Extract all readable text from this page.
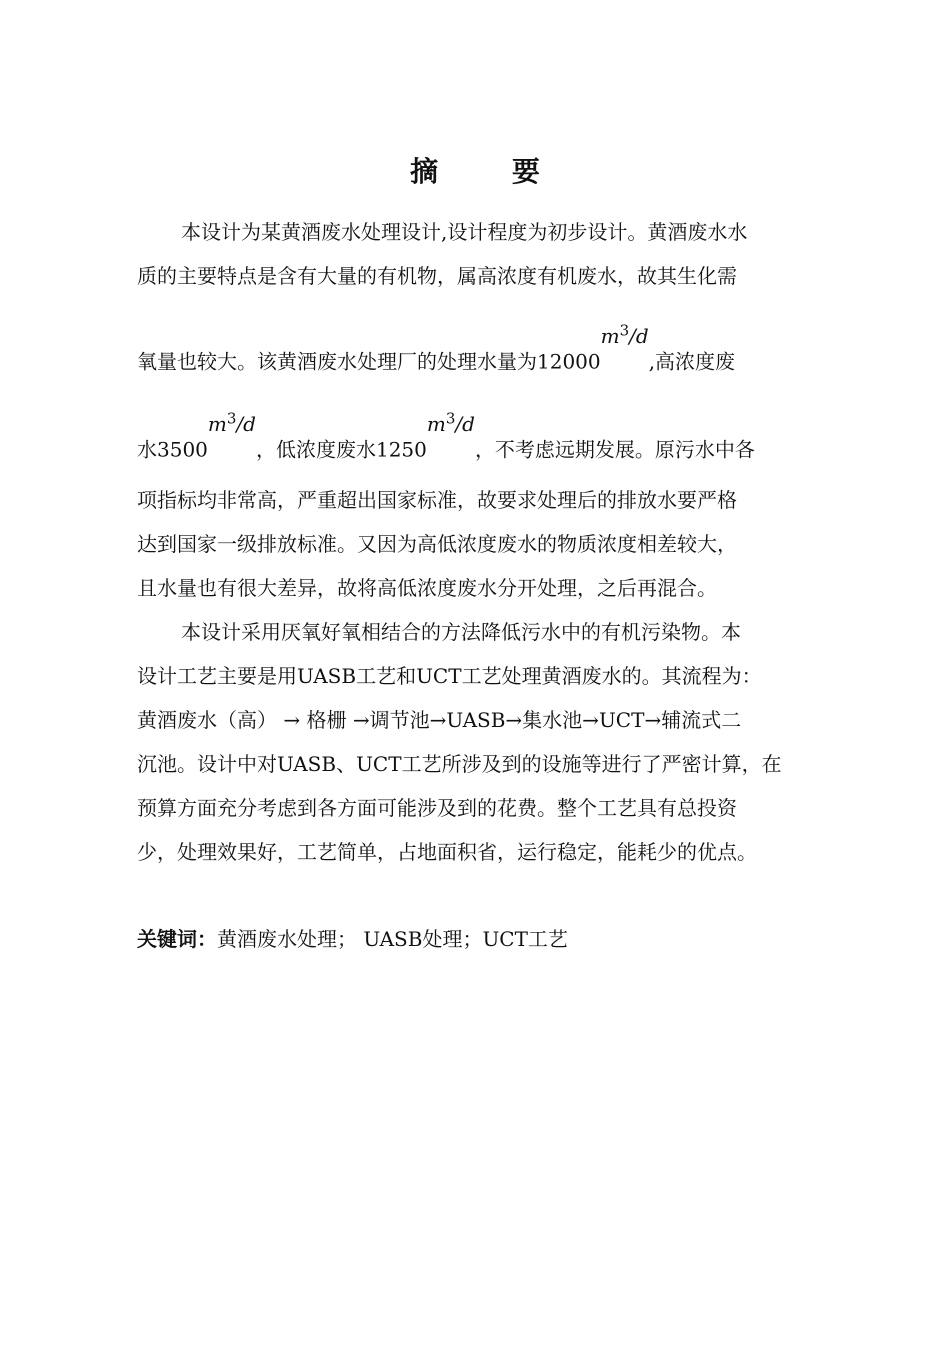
摘 要
本设计为某黄酒废水处理设计,设计程度为初步设计。黄酒废水水
质的主要特点是含有大量的有机物，属高浓度有机废水，故其生化需
氧量也较大。该黄酒废水处理厂的处理水量为$12000m^3/d$,高浓度废
水$3500m^3/d$，低浓度废水$1250m^3/d$，不考虑远期发展。原污水中各
项指标均非常高，严重超出国家标准，故要求处理后的排放水要严格
达到国家一级排放标准。又因为高低浓度废水的物质浓度相差较大，
且水量也有很大差异，故将高低浓度废水分开处理，之后再混合。
本设计采用厌氧好氧相结合的方法降低污水中的有机污染物。本
设计工艺主要是用UASB工艺和UCT工艺处理黄酒废水的。其流程为：
黄酒废水（高） → 格栅 →调节池→UASB→集水池→UCT→辅流式二
沉池。设计中对UASB、UCT工艺所涉及到的设施等进行了严密计算，在
预算方面充分考虑到各方面可能涉及到的花费。整个工艺具有总投资
少，处理效果好，工艺简单，占地面积省，运行稳定，能耗少的优点。
关键词：黄酒废水处理； UASB处理；UCT工艺
